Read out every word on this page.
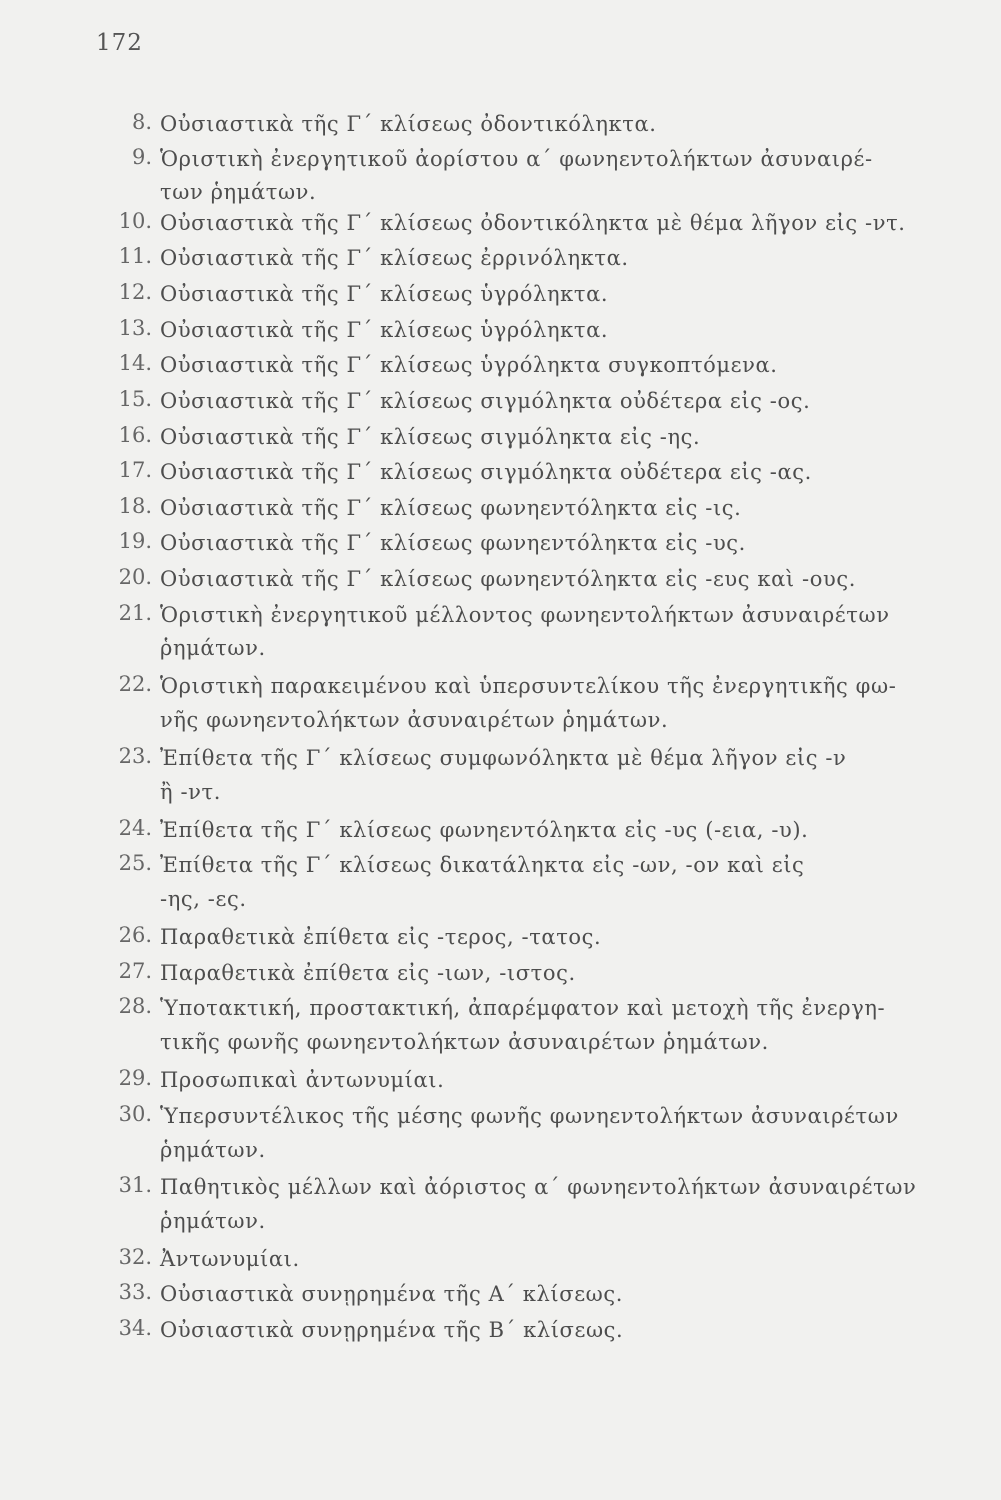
172
8. Οὐσιαστικὰ τῆς Γ΄ κλίσεως ὀδοντικόληκτα.
9. Ὁριστικὴ ἐνεργητικοῦ ἀορίστου α΄ φωνηεντολήκτων ἀσυναιρέ-
των ῥημάτων.
10. Οὐσιαστικὰ τῆς Γ΄ κλίσεως ὀδοντικόληκτα μὲ θέμα λῆγον εἰς -ντ.
11. Οὐσιαστικὰ τῆς Γ΄ κλίσεως ἐρρινόληκτα.
12. Οὐσιαστικὰ τῆς Γ΄ κλίσεως ὑγρόληκτα.
13. Οὐσιαστικὰ τῆς Γ΄ κλίσεως ὑγρόληκτα.
14. Οὐσιαστικὰ τῆς Γ΄ κλίσεως ὑγρόληκτα συγκοπτόμενα.
15. Οὐσιαστικὰ τῆς Γ΄ κλίσεως σιγμόληκτα οὐδέτερα εἰς -ος.
16. Οὐσιαστικὰ τῆς Γ΄ κλίσεως σιγμόληκτα εἰς -ης.
17. Οὐσιαστικὰ τῆς Γ΄ κλίσεως σιγμόληκτα οὐδέτερα εἰς -ας.
18. Οὐσιαστικὰ τῆς Γ΄ κλίσεως φωνηεντόληκτα εἰς -ις.
19. Οὐσιαστικὰ τῆς Γ΄ κλίσεως φωνηεντόληκτα εἰς -υς.
20. Οὐσιαστικὰ τῆς Γ΄ κλίσεως φωνηεντόληκτα εἰς -ευς καὶ -ους.
21. Ὁριστικὴ ἐνεργητικοῦ μέλλοντος φωνηεντολήκτων ἀσυναιρέτων
ῥημάτων.
22. Ὁριστικὴ παρακειμένου καὶ ὑπερσυντελίκου τῆς ἐνεργητικῆς φω-
νῆς φωνηεντολήκτων ἀσυναιρέτων ῥημάτων.
23. Ἐπίθετα τῆς Γ΄ κλίσεως συμφωνόληκτα μὲ θέμα λῆγον εἰς -ν
ἢ -ντ.
24. Ἐπίθετα τῆς Γ΄ κλίσεως φωνηεντόληκτα εἰς -υς (-εια, -υ).
25. Ἐπίθετα τῆς Γ΄ κλίσεως δικατάληκτα εἰς -ων, -ον καὶ εἰς
-ης, -ες.
26. Παραθετικὰ ἐπίθετα εἰς -τερος, -τατος.
27. Παραθετικὰ ἐπίθετα εἰς -ιων, -ιστος.
28. Ὑποτακτική, προστακτική, ἀπαρέμφατον καὶ μετοχὴ τῆς ἐνεργη-
τικῆς φωνῆς φωνηεντολήκτων ἀσυναιρέτων ῥημάτων.
29. Προσωπικαὶ ἀντωνυμίαι.
30. Ὑπερσυντέλικος τῆς μέσης φωνῆς φωνηεντολήκτων ἀσυναιρέτων
ῥημάτων.
31. Παθητικὸς μέλλων καὶ ἀόριστος α΄ φωνηεντολήκτων ἀσυναιρέτων
ῥημάτων.
32. Ἀντωνυμίαι.
33. Οὐσιαστικὰ συνῃρημένα τῆς Α΄ κλίσεως.
34. Οὐσιαστικὰ συνῃρημένα τῆς Β΄ κλίσεως.
